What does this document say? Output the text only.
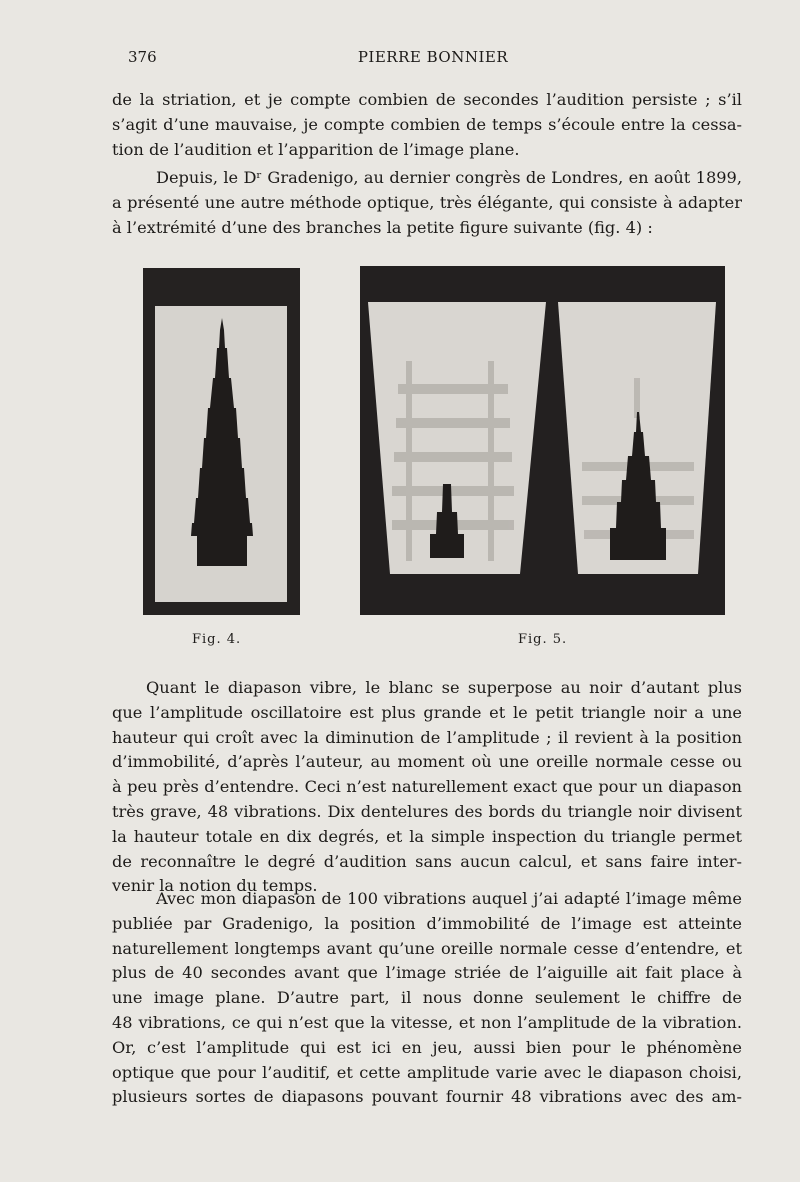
376	PIERRE BONNIER
de la striation, et je compte combien de secondes l’audition persiste ; s’il
s’agit d’une mauvaise, je compte combien de temps s’écoule entre la cessa-
tion de l’audition et l’apparition de l’image plane.
Depuis, le Dʳ Gradenigo, au dernier congrès de Londres, en août 1899,
a présenté une autre méthode optique, très élégante, qui consiste à adapter
à l’extrémité d’une des branches la petite figure suivante (fig. 4) :
Fig. 4.	Fig. 5.
Quant le diapason vibre, le blanc se superpose au noir d’autant plus
que l’amplitude oscillatoire est plus grande et le petit triangle noir a une
hauteur qui croît avec la diminution de l’amplitude ; il revient à la position
d’immobilité, d’après l’auteur, au moment où une oreille normale cesse ou
à peu près d’entendre. Ceci n’est naturellement exact que pour un diapason
très grave, 48 vibrations. Dix dentelures des bords du triangle noir divisent
la hauteur totale en dix degrés, et la simple inspection du triangle permet
de reconnaître le degré d’audition sans aucun calcul, et sans faire inter-
venir la notion du temps.
Avec mon diapason de 100 vibrations auquel j’ai adapté l’image même
publiée par Gradenigo, la position d’immobilité de l’image est atteinte
naturellement longtemps avant qu’une oreille normale cesse d’entendre, et
plus de 40 secondes avant que l’image striée de l’aiguille ait fait place à
une image plane. D’autre part, il nous donne seulement le chiffre de
48 vibrations, ce qui n’est que la vitesse, et non l’amplitude de la vibration.
Or, c’est l’amplitude qui est ici en jeu, aussi bien pour le phénomène
optique que pour l’auditif, et cette amplitude varie avec le diapason choisi,
plusieurs sortes de diapasons pouvant fournir 48 vibrations avec des am-
